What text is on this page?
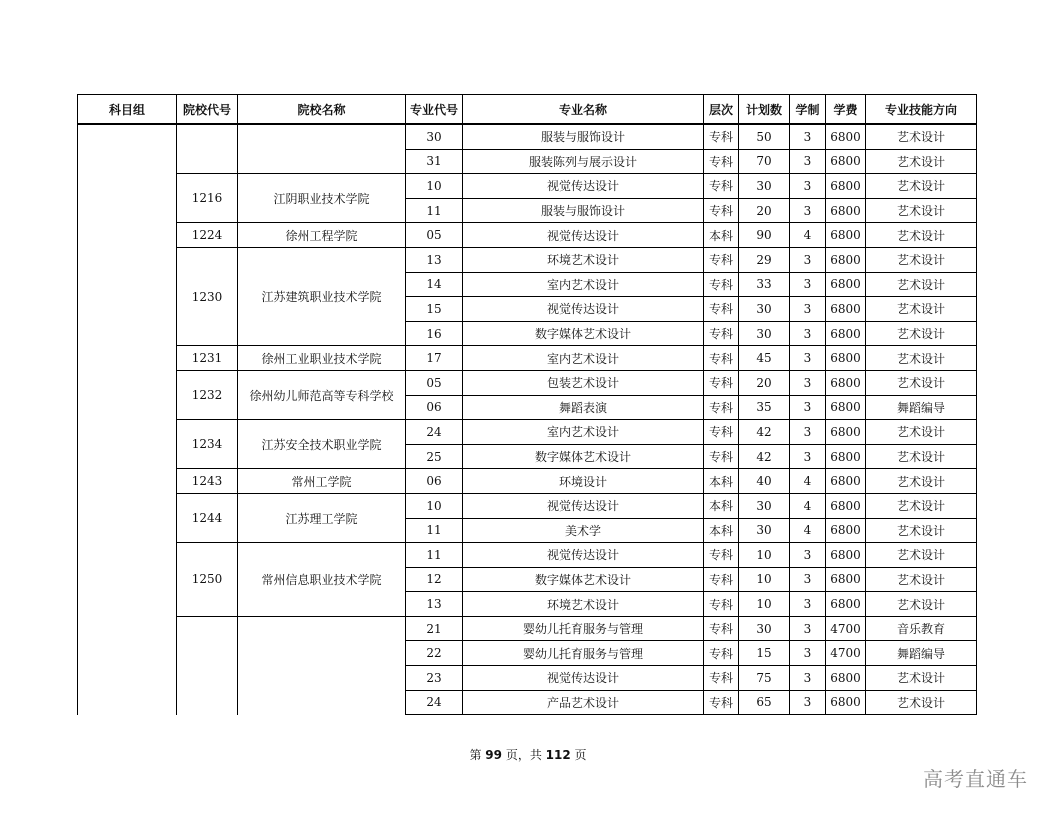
科目组	院校代号	院校名称	专业代号	专业名称	层次	计划数	学制	学费	专业技能方向
			30	服装与服饰设计	专科	50	3	6800	艺术设计
			31	服装陈列与展示设计	专科	70	3	6800	艺术设计
	1216	江阴职业技术学院	10	视觉传达设计	专科	30	3	6800	艺术设计
			11	服装与服饰设计	专科	20	3	6800	艺术设计
	1224	徐州工程学院	05	视觉传达设计	本科	90	4	6800	艺术设计
	1230	江苏建筑职业技术学院	13	环境艺术设计	专科	29	3	6800	艺术设计
			14	室内艺术设计	专科	33	3	6800	艺术设计
			15	视觉传达设计	专科	30	3	6800	艺术设计
			16	数字媒体艺术设计	专科	30	3	6800	艺术设计
	1231	徐州工业职业技术学院	17	室内艺术设计	专科	45	3	6800	艺术设计
	1232	徐州幼儿师范高等专科学校	05	包装艺术设计	专科	20	3	6800	艺术设计
			06	舞蹈表演	专科	35	3	6800	舞蹈编导
	1234	江苏安全技术职业学院	24	室内艺术设计	专科	42	3	6800	艺术设计
			25	数字媒体艺术设计	专科	42	3	6800	艺术设计
	1243	常州工学院	06	环境设计	本科	40	4	6800	艺术设计
	1244	江苏理工学院	10	视觉传达设计	本科	30	4	6800	艺术设计
			11	美术学	本科	30	4	6800	艺术设计
	1250	常州信息职业技术学院	11	视觉传达设计	专科	10	3	6800	艺术设计
			12	数字媒体艺术设计	专科	10	3	6800	艺术设计
			13	环境艺术设计	专科	10	3	6800	艺术设计
			21	婴幼儿托育服务与管理	专科	30	3	4700	音乐教育
			22	婴幼儿托育服务与管理	专科	15	3	4700	舞蹈编导
			23	视觉传达设计	专科	75	3	6800	艺术设计
			24	产品艺术设计	专科	65	3	6800	艺术设计
第 99 页，共 112 页
高考直通车
